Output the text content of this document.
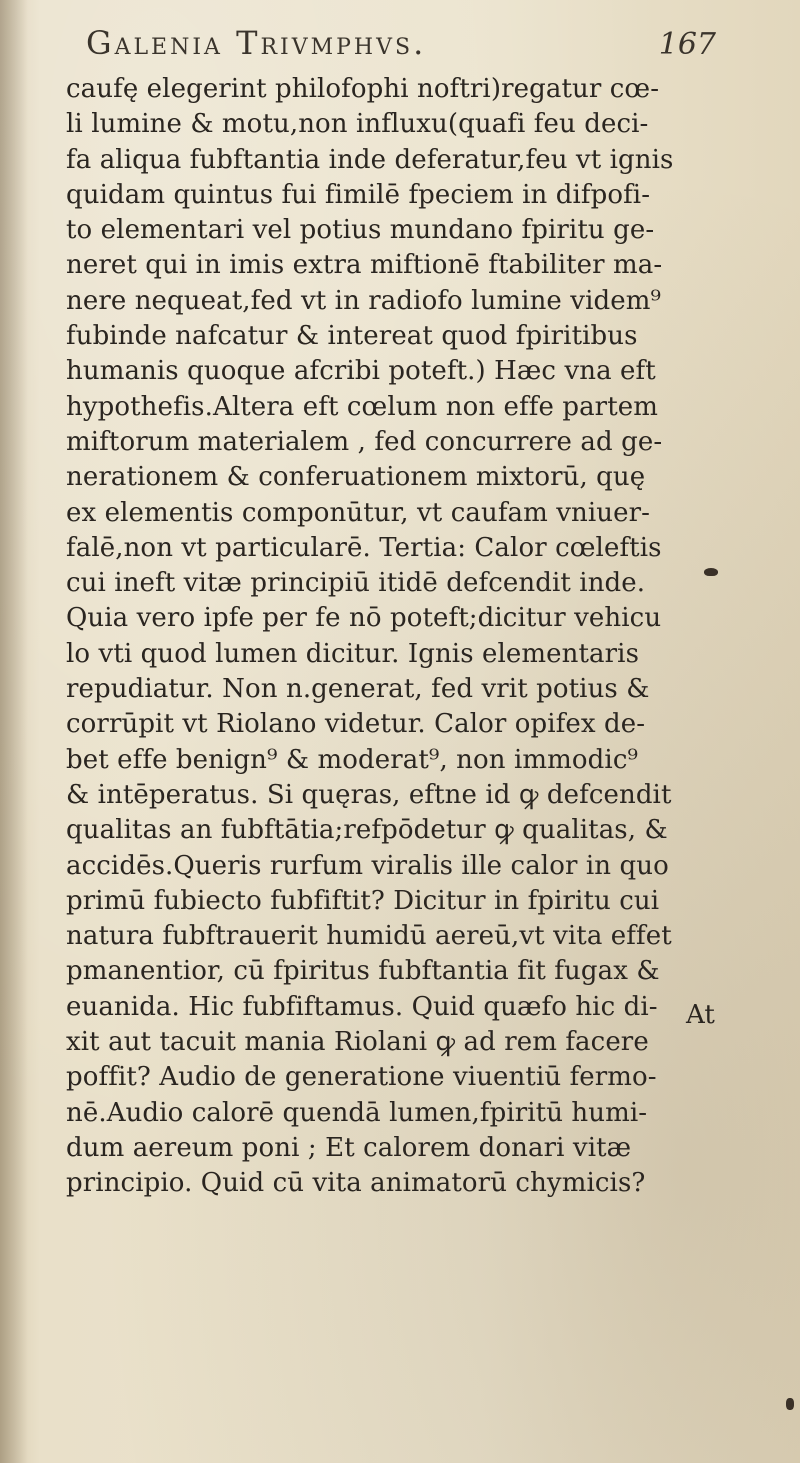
Galenia Trivmphvs.	167
caufę elegerint philofophi noftri)regatur cœ-
li lumine & motu,non influxu(quafi feu deci-
fa aliqua fubftantia inde deferatur,feu vt ignis
quidam quintus fui fimilē fpeciem in difpofi-
to elementari vel potius mundano fpiritu ge-
neret qui in imis extra miftionē ftabiliter ma-
nere nequeat,fed vt in radiofo lumine videm⁹
fubinde nafcatur & intereat quod fpiritibus
humanis quoque afcribi poteft.) Hæc vna eft
hypothefis.Altera eft cœlum non effe partem
miftorum materialem , fed concurrere ad ge-
nerationem & conferuationem mixtorū, quę
ex elementis componūtur, vt caufam vniuer-
falē,non vt particularē. Tertia: Calor cœleftis
cui ineft vitæ principiū itidē defcendit inde.
Quia vero ipfe per fe nō poteft;dicitur vehicu
lo vti quod lumen dicitur. Ignis elementaris
repudiatur. Non n.generat, fed vrit potius &
corrūpit vt Riolano videtur. Calor opifex de-
bet effe benign⁹ & moderat⁹, non immodic⁹
& intēperatus. Si quęras, eftne id ꝙ defcendit
qualitas an fubftātia;refpōdetur ꝙ qualitas, &
accidēs.Queris rurfum viralis ille calor in quo
primū fubiecto fubfiftit? Dicitur in fpiritu cui
natura fubftrauerit humidū aereū,vt vita effet
pmanentior, cū fpiritus fubftantia fit fugax &
euanida. Hic fubfiftamus. Quid quæfo hic di-
xit aut tacuit mania Riolani ꝙ ad rem facere
poffit? Audio de generatione viuentiū fermo-
nē.Audio calorē quendā lumen,fpiritū humi-
dum aereum poni ; Et calorem donari vitæ
principio. Quid cū vita animatorū chymicis?
At
